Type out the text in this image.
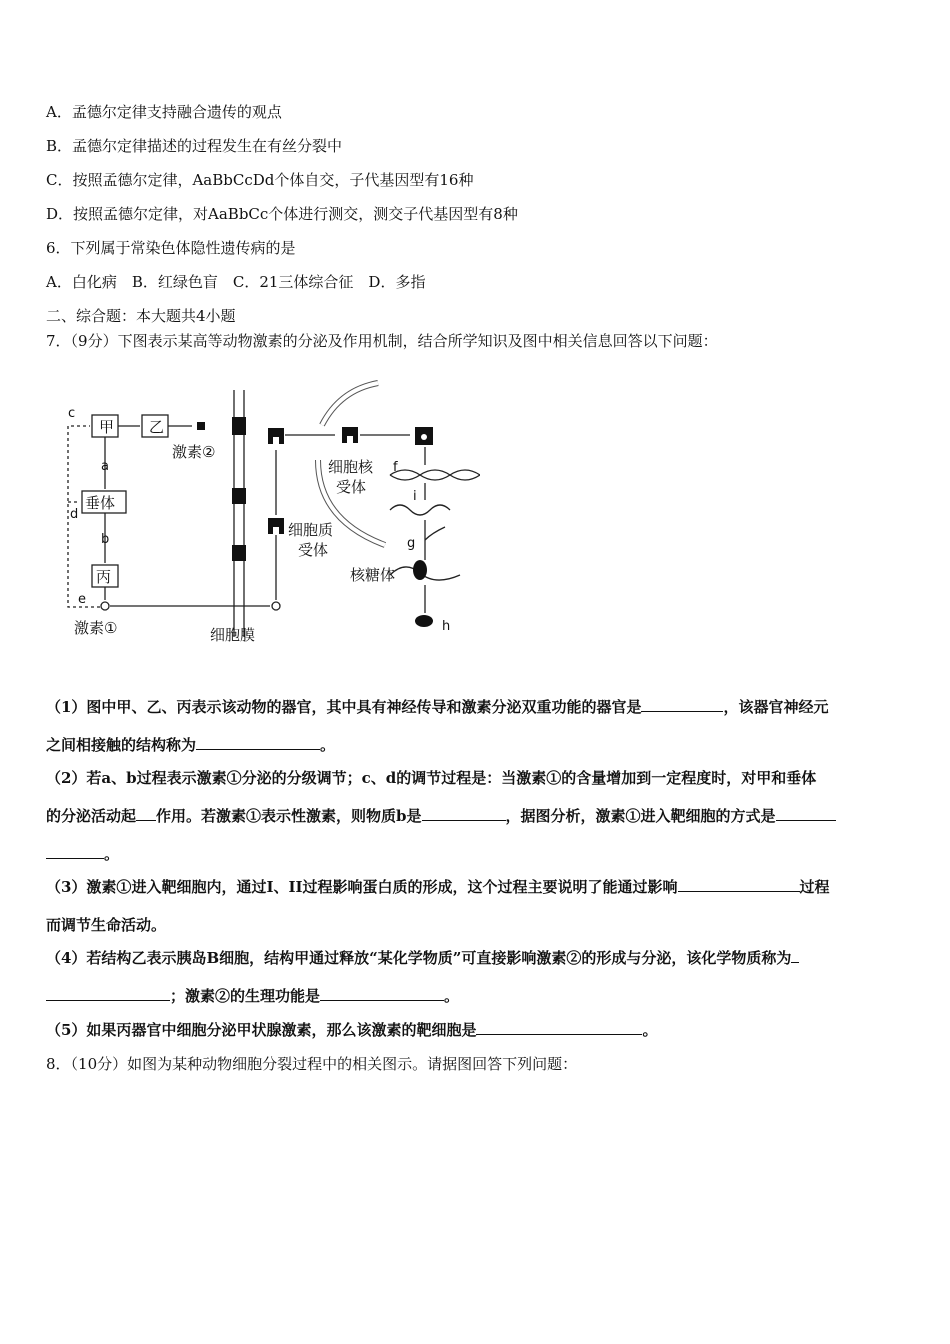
A．孟德尔定律支持融合遗传的观点
B．孟德尔定律描述的过程发生在有丝分裂中
C．按照孟德尔定律，AaBbCcDd个体自交，子代基因型有16种
D．按照孟德尔定律，对AaBbCc个体进行测交，测交子代基因型有8种
6．下列属于常染色体隐性遗传病的是
A．白化病　B．红绿色盲　C．21三体综合征　D．多指
二、综合题：本大题共4小题
7．（9分）下图表示某高等动物激素的分泌及作用机制，结合所学知识及图中相关信息回答以下问题：
甲 乙
垂体
丙
激素②
激素①	细胞膜
细胞质
受体
细胞核
受体
核糖体
a
b
c
d
e
f
g
h
i
（1）图中甲、乙、丙表示该动物的器官，其中具有神经传导和激素分泌双重功能的器官是	，该器官神经元
之间相接触的结构称为	。
（2）若a、b过程表示激素①分泌的分级调节；c、d的调节过程是：当激素①的含量增加到一定程度时，对甲和垂体
的分泌活动起 作用。若激素①表示性激素，则物质b是	，据图分析，激素①进入靶细胞的方式是
。
（3）激素①进入靶细胞内，通过I、II过程影响蛋白质的形成，这个过程主要说明了能通过影响	过程
而调节生命活动。
（4）若结构乙表示胰岛B细胞，结构甲通过释放“某化学物质”可直接影响激素②的形成与分泌，该化学物质称为
；激素②的生理功能是	。
（5）如果丙器官中细胞分泌甲状腺激素，那么该激素的靶细胞是	。
8．（10分）如图为某种动物细胞分裂过程中的相关图示。请据图回答下列问题：
